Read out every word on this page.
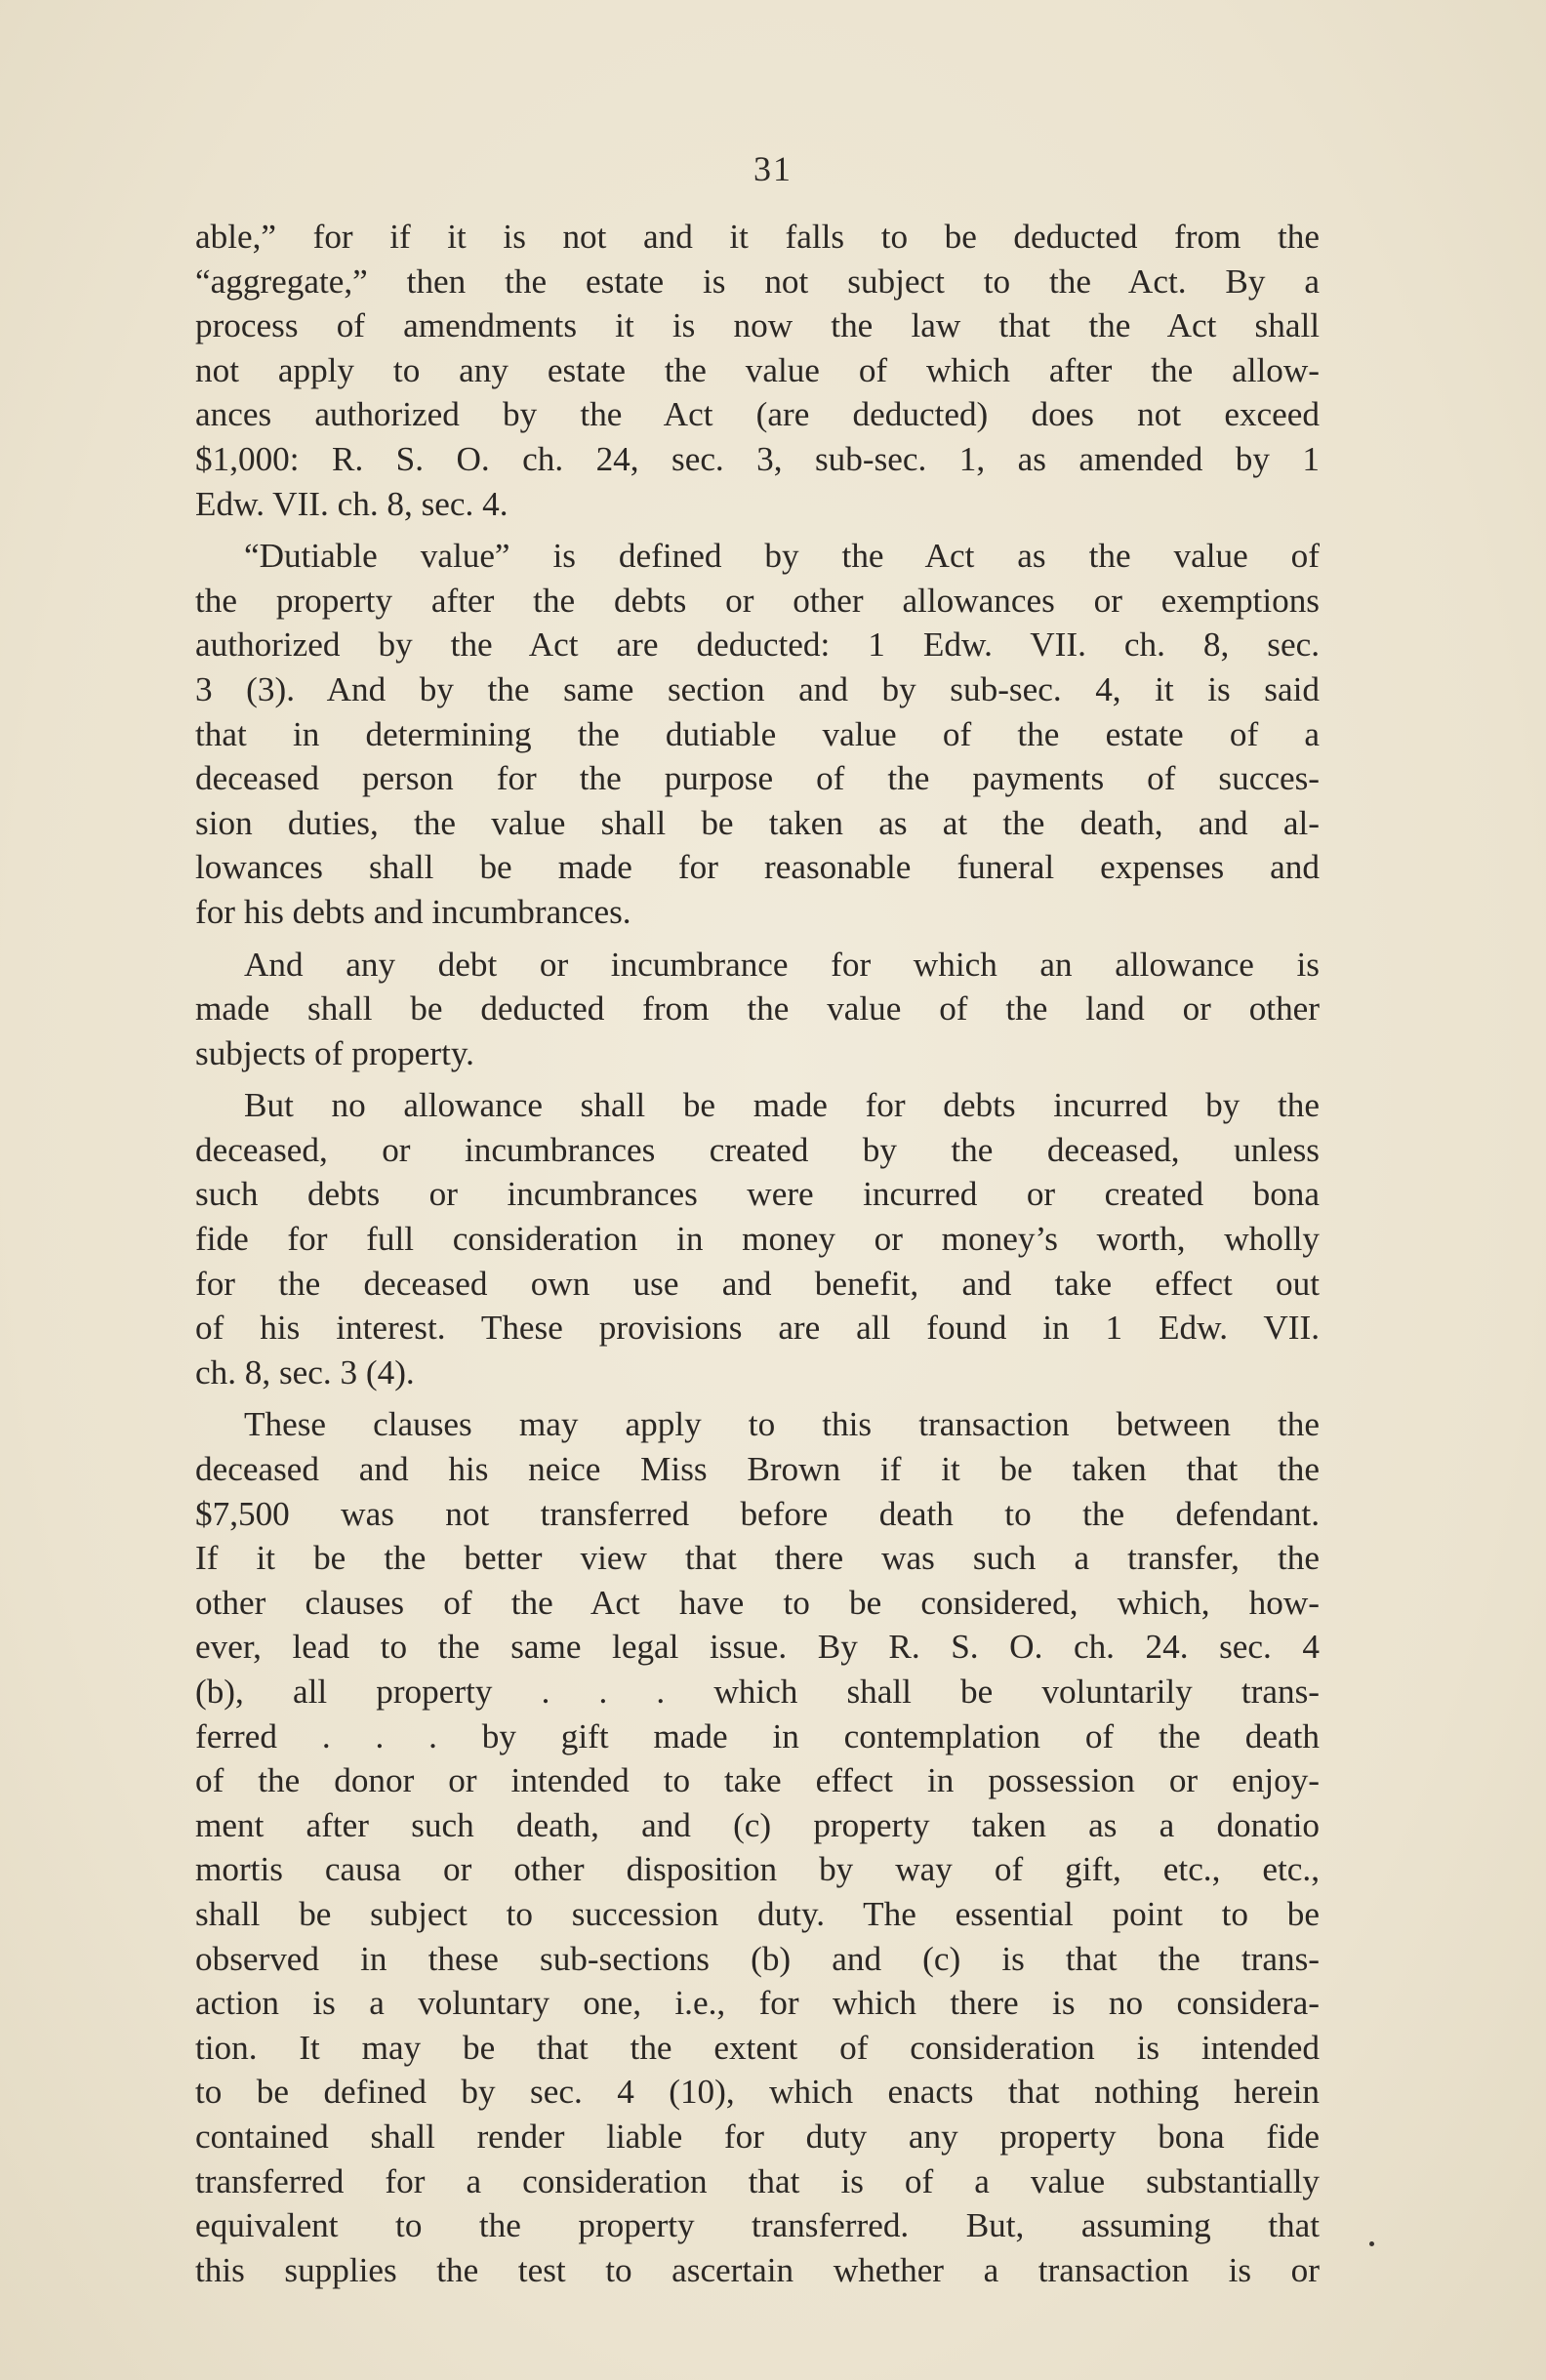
31
able,” for if it is not and it falls to be deducted from the
“aggregate,” then the estate is not subject to the Act. By a
process of amendments it is now the law that the Act shall
not apply to any estate the value of which after the allow-
ances authorized by the Act (are deducted) does not exceed
$1,000: R. S. O. ch. 24, sec. 3, sub-sec. 1, as amended by 1
Edw. VII. ch. 8, sec. 4.
“Dutiable value” is defined by the Act as the value of
the property after the debts or other allowances or exemptions
authorized by the Act are deducted: 1 Edw. VII. ch. 8, sec.
3 (3). And by the same section and by sub-sec. 4, it is said
that in determining the dutiable value of the estate of a
deceased person for the purpose of the payments of succes-
sion duties, the value shall be taken as at the death, and al-
lowances shall be made for reasonable funeral expenses and
for his debts and incumbrances.
And any debt or incumbrance for which an allowance is
made shall be deducted from the value of the land or other
subjects of property.
But no allowance shall be made for debts incurred by the
deceased, or incumbrances created by the deceased, unless
such debts or incumbrances were incurred or created bona
fide for full consideration in money or money’s worth, wholly
for the deceased own use and benefit, and take effect out
of his interest. These provisions are all found in 1 Edw. VII.
ch. 8, sec. 3 (4).
These clauses may apply to this transaction between the
deceased and his neice Miss Brown if it be taken that the
$7,500 was not transferred before death to the defendant.
If it be the better view that there was such a transfer, the
other clauses of the Act have to be considered, which, how-
ever, lead to the same legal issue. By R. S. O. ch. 24. sec. 4
(b), all property . . . which shall be voluntarily trans-
ferred . . . by gift made in contemplation of the death
of the donor or intended to take effect in possession or enjoy-
ment after such death, and (c) property taken as a donatio
mortis causa or other disposition by way of gift, etc., etc.,
shall be subject to succession duty. The essential point to be
observed in these sub-sections (b) and (c) is that the trans-
action is a voluntary one, i.e., for which there is no considera-
tion. It may be that the extent of consideration is intended
to be defined by sec. 4 (10), which enacts that nothing herein
contained shall render liable for duty any property bona fide
transferred for a consideration that is of a value substantially
equivalent to the property transferred. But, assuming that
this supplies the test to ascertain whether a transaction is or
